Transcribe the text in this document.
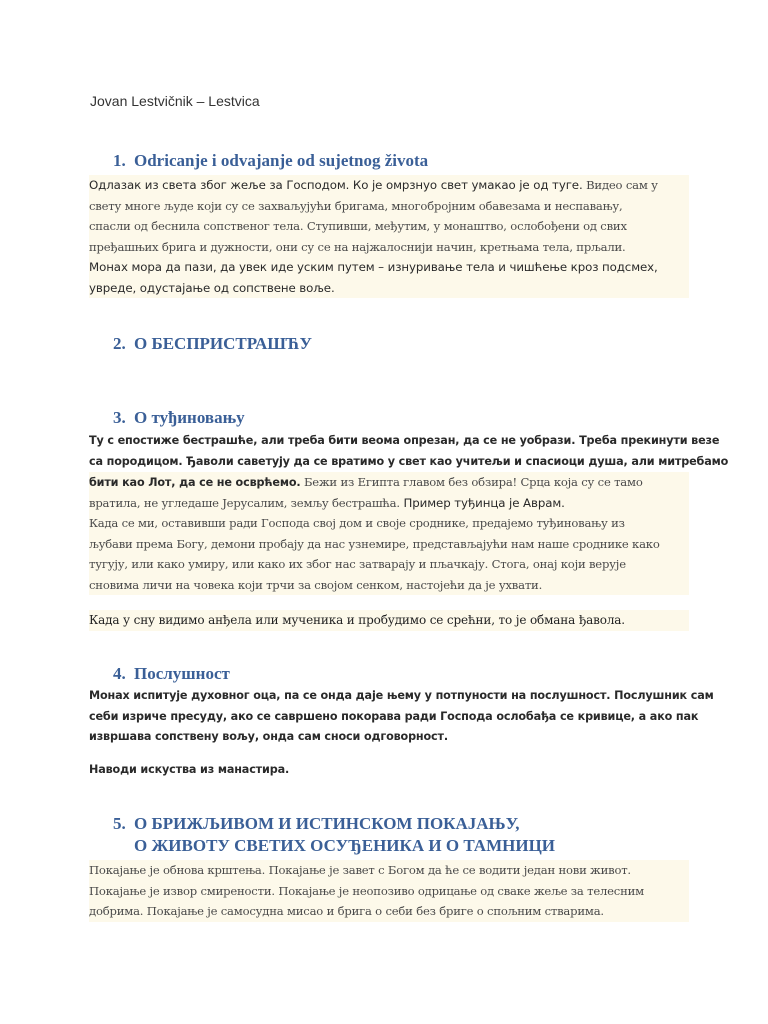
Jovan Lestvičnik – Lestvica
1. Odricanje i odvajanje od sujetnog života
Одлазак из света због жеље за Господом. Ко је омрзнуо свет умакао је од туге. Видео сам у
свету многе људе који су се захваљујући бригама, многобројним обавезама и неспавању,
спасли од беснила сопственог тела. Ступивши, међутим, у монаштво, ослобођени од свих
пређашњих брига и дужности, они су се на најжалоснији начин, кретњама тела, прљали.
Монах мора да пази, да увек иде уским путем – изнуривање тела и чишћење кроз подсмех,
увреде, одустајање од сопствене воље.
2. О БЕСПРИСТРАШЋУ
3. О туђиновању
Ту с епостиже бестрашће, али треба бити веома опрезан, да се не уобрази. Треба прекинути везе
са породицом. Ђаволи саветују да се вратимо у свет као учитељи и спасиоци душа, али митребамо
бити као Лот, да се не осврћемо. Бежи из Египта главом без обзира! Срца која су се тамо
вратила, не угледаше Јерусалим, земљу бестрашћа. Пример туђинца је Аврам.
Када се ми, оставивши ради Господа свој дом и своје сроднике, предајемо туђиновању из
љубави према Богу, демони пробају да нас узнемире, представљајући нам наше сроднике како
тугују, или како умиру, или како их због нас затварају и пљачкају. Стога, онај који верује
сновима личи на човека који трчи за својом сенком, настојећи да је ухвати.
Када у сну видимо анђела или мученика и пробудимо се срећни, то је обмана ђавола.
4. Послушност
Монах испитује духовног оца, па се онда даје њему у потпуности на послушност. Послушник сам
себи изриче пресуду, ако се савршено покорава ради Господа ослобађа се кривице, а ако пак
извршава сопствену вољу, онда сам сноси одговорност.
Наводи искуства из манастира.
5. О БРИЖЉИВОМ И ИСТИНСКОМ ПОКАЈАЊУ,
О ЖИВОТУ СВЕТИХ ОСУЂЕНИКА И О ТАМНИЦИ
Покајање је обнова крштења. Покајање је завет с Богом да ће се водити један нови живот.
Покајање је извор смирености. Покајање је неопозиво одрицање од сваке жеље за телесним
добрима. Покајање је самосудна мисао и брига о себи без бриге о спољним стварима.
